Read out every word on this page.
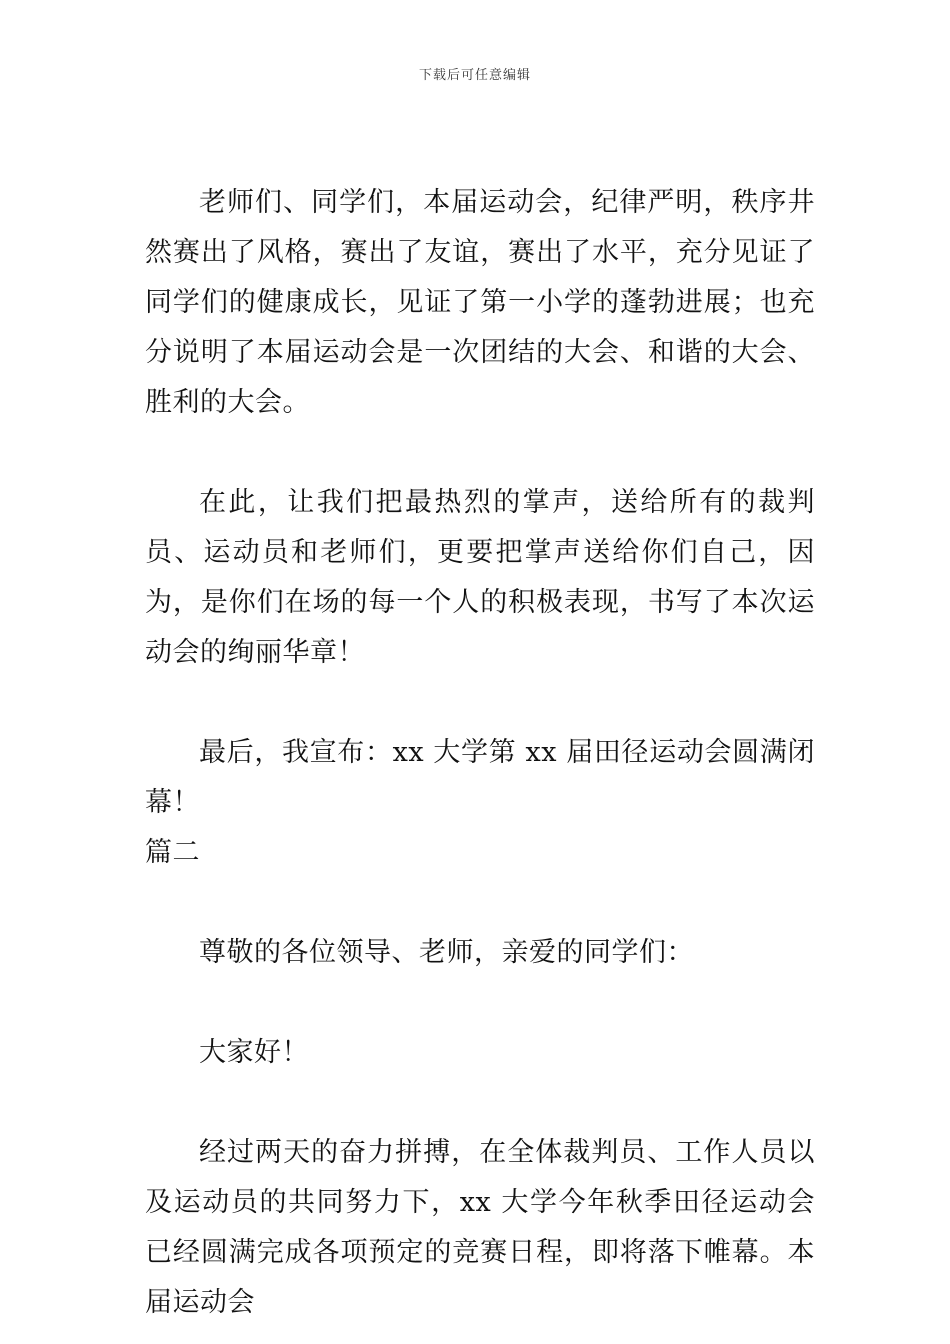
下载后可任意编辑

老师们、同学们，本届运动会，纪律严明，秩序井然赛出了风格，赛出了友谊，赛出了水平，充分见证了同学们的健康成长，见证了第一小学的蓬勃进展；也充分说明了本届运动会是一次团结的大会、和谐的大会、胜利的大会。

在此，让我们把最热烈的掌声，送给所有的裁判员、运动员和老师们，更要把掌声送给你们自己，因为，是你们在场的每一个人的积极表现，书写了本次运动会的绚丽华章！

最后，我宣布：xx 大学第 xx 届田径运动会圆满闭幕！

篇二

尊敬的各位领导、老师，亲爱的同学们：

大家好！

经过两天的奋力拼搏，在全体裁判员、工作人员以及运动员的共同努力下，xx 大学今年秋季田径运动会已经圆满完成各项预定的竞赛日程，即将落下帷幕。本届运动会
